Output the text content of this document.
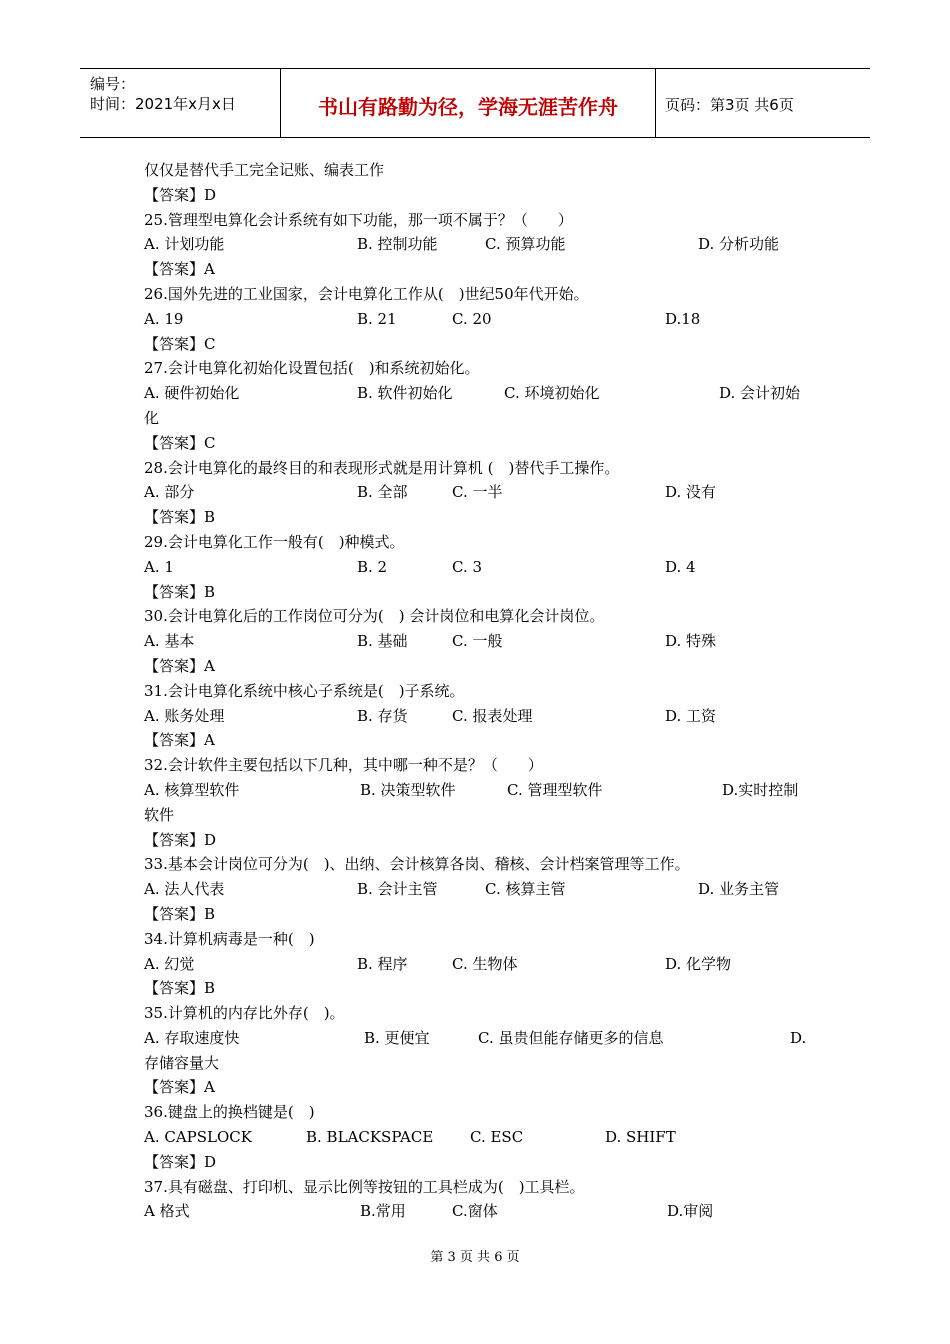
编号：
时间：2021年x月x日	书山有路勤为径，学海无涯苦作舟	页码：第3页 共6页
仅仅是替代手工完全记账、编表工作
【答案】D
25.管理型电算化会计系统有如下功能，那一项不属于？（　　）
A. 计划功能	B. 控制功能	C. 预算功能	D. 分析功能
【答案】A
26.国外先进的工业国家，会计电算化工作从(　)世纪50年代开始。
A. 19	B. 21	C. 20	D.18
【答案】C
27.会计电算化初始化设置包括(　)和系统初始化。
A. 硬件初始化	B. 软件初始化	C. 环境初始化	D. 会计初始
化
【答案】C
28.会计电算化的最终目的和表现形式就是用计算机 (　)替代手工操作。
A. 部分	B. 全部	C. 一半	D. 没有
【答案】B
29.会计电算化工作一般有(　)种模式。
A. 1	B. 2	C. 3	D. 4
【答案】B
30.会计电算化后的工作岗位可分为(　) 会计岗位和电算化会计岗位。
A. 基本	B. 基础	C. 一般	D. 特殊
【答案】A
31.会计电算化系统中核心子系统是(　)子系统。
A. 账务处理	B. 存货	C. 报表处理	D. 工资
【答案】A
32.会计软件主要包括以下几种，其中哪一种不是？（　　）
A. 核算型软件	B. 决策型软件	C. 管理型软件	D.实时控制
软件
【答案】D
33.基本会计岗位可分为(　)、出纳、会计核算各岗、稽核、会计档案管理等工作。
A. 法人代表	B. 会计主管	C. 核算主管	D. 业务主管
【答案】B
34.计算机病毒是一种(　)
A. 幻觉	B. 程序	C. 生物体	D. 化学物
【答案】B
35.计算机的内存比外存(　)。
A. 存取速度快	B. 更便宜	C. 虽贵但能存储更多的信息	D.
存储容量大
【答案】A
36.键盘上的换档键是(　)
A. CAPSLOCK	B. BLACKSPACE C. ESC	D. SHIFT
【答案】D
37.具有磁盘、打印机、显示比例等按钮的工具栏成为(　)工具栏。
A 格式	B.常用	C.窗体	D.审阅
第 3 页 共 6 页
